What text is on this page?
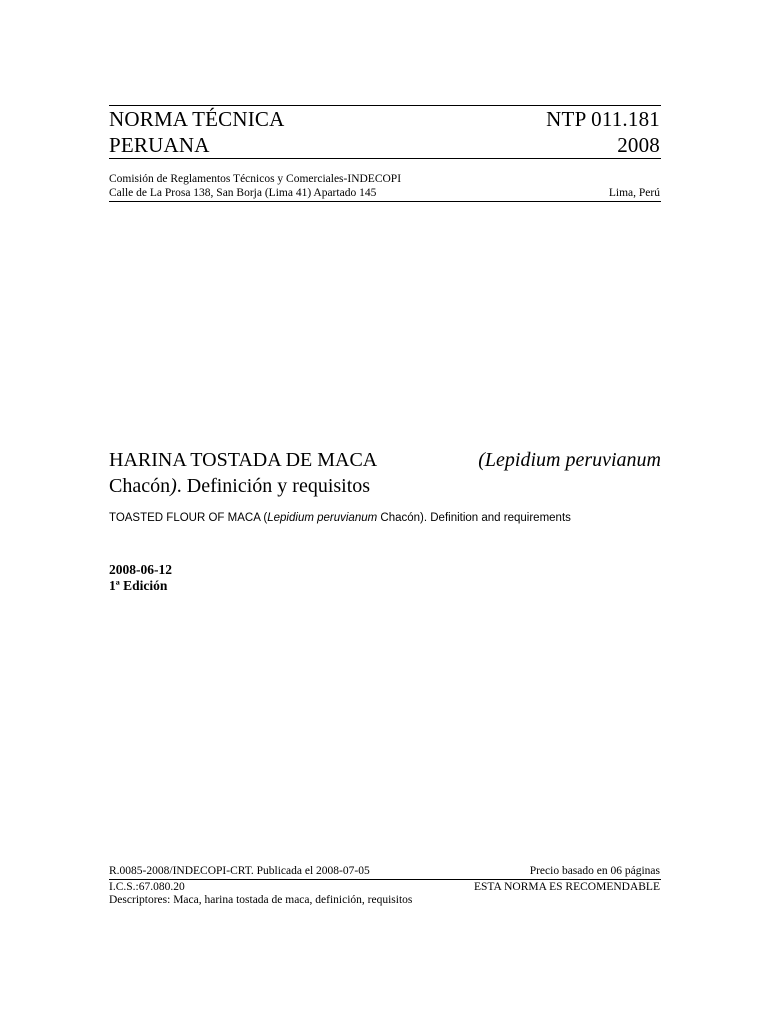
NORMA TÉCNICA
PERUANA
NTP 011.181
2008
Comisión de Reglamentos Técnicos y Comerciales-INDECOPI
Calle de La Prosa 138, San Borja (Lima 41) Apartado 145	Lima, Perú
HARINA TOSTADA DE MACA	(Lepidium peruvianum
Chacón). Definición y requisitos
TOASTED FLOUR OF MACA (Lepidium peruvianum Chacón). Definition and requirements
2008-06-12
1ª Edición
R.0085-2008/INDECOPI-CRT. Publicada el 2008-07-05	Precio basado en 06 páginas
I.C.S.:67.080.20	ESTA NORMA ES RECOMENDABLE
Descriptores: Maca, harina tostada de maca, definición, requisitos
